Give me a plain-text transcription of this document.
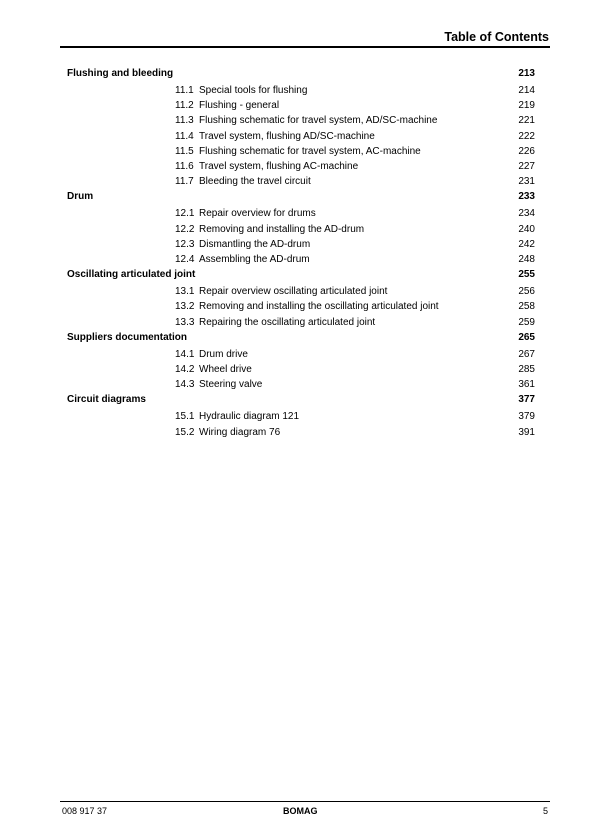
Table of Contents
Flushing and bleeding	213
11.1 Special tools for flushing	214
11.2 Flushing - general	219
11.3 Flushing schematic for travel system, AD/SC-machine	221
11.4 Travel system, flushing AD/SC-machine	222
11.5 Flushing schematic for travel system, AC-machine	226
11.6 Travel system, flushing AC-machine	227
11.7 Bleeding the travel circuit	231
Drum	233
12.1 Repair overview for drums	234
12.2 Removing and installing the AD-drum	240
12.3 Dismantling the AD-drum	242
12.4 Assembling the AD-drum	248
Oscillating articulated joint	255
13.1 Repair overview oscillating articulated joint	256
13.2 Removing and installing the oscillating articulated joint	258
13.3 Repairing the oscillating articulated joint	259
Suppliers documentation	265
14.1 Drum drive	267
14.2 Wheel drive	285
14.3 Steering valve	361
Circuit diagrams	377
15.1 Hydraulic diagram 121	379
15.2 Wiring diagram 76	391
008 917 37	BOMAG	5
